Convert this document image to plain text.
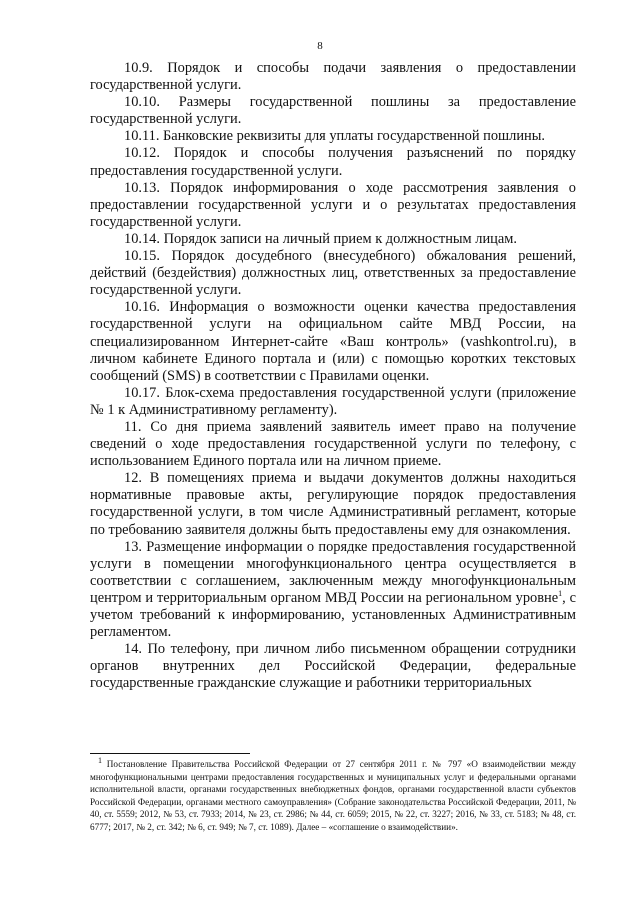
8

10.9. Порядок и способы подачи заявления о предоставлении государственной услуги.

10.10. Размеры государственной пошлины за предоставление государственной услуги.

10.11. Банковские реквизиты для уплаты государственной пошлины.

10.12. Порядок и способы получения разъяснений по порядку предоставления государственной услуги.

10.13. Порядок информирования о ходе рассмотрения заявления о предоставлении государственной услуги и о результатах предоставления государственной услуги.

10.14. Порядок записи на личный прием к должностным лицам.

10.15. Порядок досудебного (внесудебного) обжалования решений, действий (бездействия) должностных лиц, ответственных за предоставление государственной услуги.

10.16. Информация о возможности оценки качества предоставления государственной услуги на официальном сайте МВД России, на специализированном Интернет-сайте «Ваш контроль» (vashkontrol.ru), в личном кабинете Единого портала и (или) с помощью коротких текстовых сообщений (SMS) в соответствии с Правилами оценки.

10.17. Блок-схема предоставления государственной услуги (приложение № 1 к Административному регламенту).

11. Со дня приема заявлений заявитель имеет право на получение сведений о ходе предоставления государственной услуги по телефону, с использованием Единого портала или на личном приеме.

12. В помещениях приема и выдачи документов должны находиться нормативные правовые акты, регулирующие порядок предоставления государственной услуги, в том числе Административный регламент, которые по требованию заявителя должны быть предоставлены ему для ознакомления.

13. Размещение информации о порядке предоставления государственной услуги в помещении многофункционального центра осуществляется в соответствии с соглашением, заключенным между многофункциональным центром и территориальным органом МВД России на региональном уровне$^1$, с учетом требований к информированию, установленных Административным регламентом.

14. По телефону, при личном либо письменном обращении сотрудники органов внутренних дел Российской Федерации, федеральные государственные гражданские служащие и работники территориальных

$^1$ Постановление Правительства Российской Федерации от 27 сентября 2011 г. № 797 «О взаимодействии между многофункциональными центрами предоставления государственных и муниципальных услуг и федеральными органами исполнительной власти, органами государственных внебюджетных фондов, органами государственной власти субъектов Российской Федерации, органами местного самоуправления» (Собрание законодательства Российской Федерации, 2011, № 40, ст. 5559; 2012, № 53, ст. 7933; 2014, № 23, ст. 2986; № 44, ст. 6059; 2015, № 22, ст. 3227; 2016, № 33, ст. 5183; № 48, ст. 6777; 2017, № 2, ст. 342; № 6, ст. 949; № 7, ст. 1089). Далее – «соглашение о взаимодействии».
